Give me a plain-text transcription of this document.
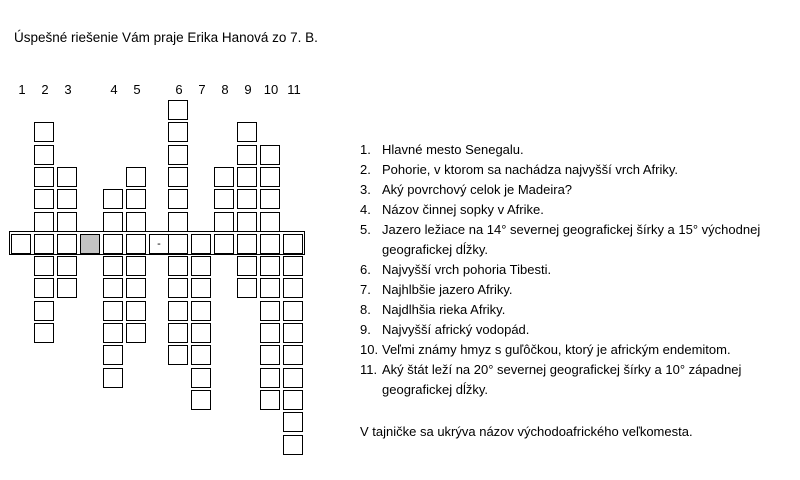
Úspešné riešenie Vám praje Erika Hanová zo 7. B.
1	2	3	4	5	6	7	8	9 10 11
-
1. Hlavné mesto Senegalu.
2. Pohorie, v ktorom sa nachádza najvyšší vrch Afriky.
3. Aký povrchový celok je Madeira?
4. Názov činnej sopky v Afrike.
5. Jazero ležiace na 14° severnej geografickej šírky a 15° východnej geografickej dĺžky.
6. Najvyšší vrch pohoria Tibesti.
7. Najhlbšie jazero Afriky.
8. Najdlhšia rieka Afriky.
9. Najvyšší africký vodopád.
10. Veľmi známy hmyz s guľôčkou, ktorý je africkým endemitom.
11. Aký štát leží na 20° severnej geografickej šírky a 10° západnej geografickej dĺžky.
V tajničke sa ukrýva názov východoafrického veľkomesta.
